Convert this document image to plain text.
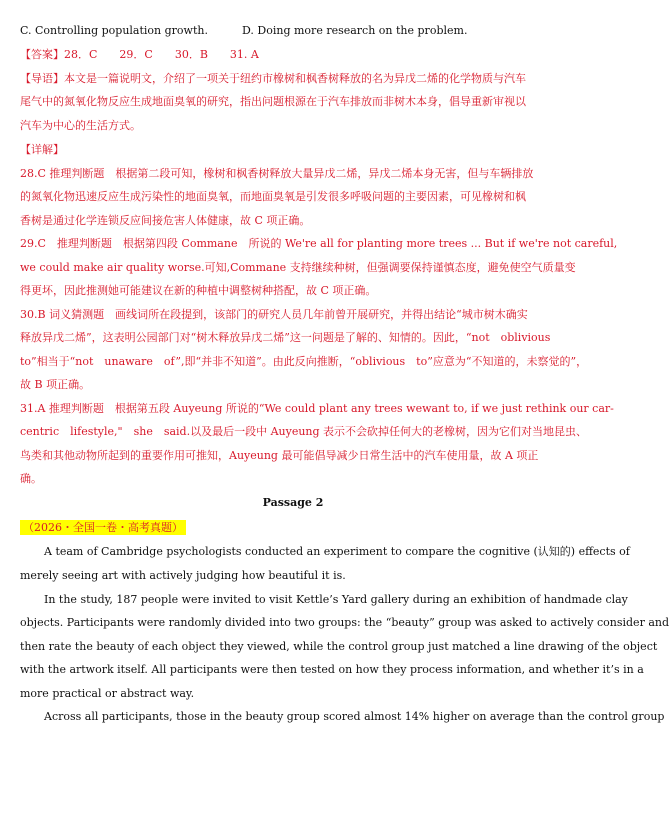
C. Controlling population growth.	D. Doing more research on the problem.
【答案】28．C　　29．C　　30．B　　31. A
【导语】本文是一篇说明文，介绍了一项关于纽约市橡树和枫香树释放的名为异戊二烯的化学物质与汽车
尾气中的氮氧化物反应生成地面臭氧的研究，指出问题根源在于汽车排放而非树木本身，倡导重新审视以
汽车为中心的生活方式。
【详解】
28.C 推理判断题　根据第二段可知，橡树和枫香树释放大量异戊二烯，异戊二烯本身无害，但与车辆排放
的氮氧化物迅速反应生成污染性的地面臭氧，而地面臭氧是引发很多呼吸问题的主要因素，可见橡树和枫
香树是通过化学连锁反应间接危害人体健康，故 C 项正确。
29.C　推理判断题　根据第四段 Commane　所说的 We're all for planting more trees ... But if we're not careful,
we could make air quality worse.可知,Commane 支持继续种树，但强调要保持谨慎态度，避免使空气质量变
得更坏，因此推测她可能建议在新的种植中调整树种搭配，故 C 项正确。
30.B 词义猜测题　画线词所在段提到，该部门的研究人员几年前曾开展研究，并得出结论“城市树木确实
释放异戊二烯”，这表明公园部门对“树木释放异戊二烯”这一问题是了解的、知情的。因此，“not　oblivious
to”相当于“not　unaware　of”,即“并非不知道”。由此反向推断，“oblivious　to”应意为“不知道的，未察觉的”，
故 B 项正确。
31.A 推理判断题　根据第五段 Auyeung 所说的“We could plant any trees wewant to, if we just rethink our car-
centric　lifestyle,"　she　said.以及最后一段中 Auyeung 表示不会砍掉任何大的老橡树，因为它们对当地昆虫、
鸟类和其他动物所起到的重要作用可推知，Auyeung 最可能倡导减少日常生活中的汽车使用量，故 A 项正
确。
Passage 2
（2026・全国一卷・高考真题）
A team of Cambridge psychologists conducted an experiment to compare the cognitive (认知的) effects of
merely seeing art with actively judging how beautiful it is.
In the study, 187 people were invited to visit Kettle’s Yard gallery during an exhibition of handmade clay
objects. Participants were randomly divided into two groups: the “beauty” group was asked to actively consider and
then rate the beauty of each object they viewed, while the control group just matched a line drawing of the object
with the artwork itself. All participants were then tested on how they process information, and whether it’s in a
more practical or abstract way.
Across all participants, those in the beauty group scored almost 14% higher on average than the control group
